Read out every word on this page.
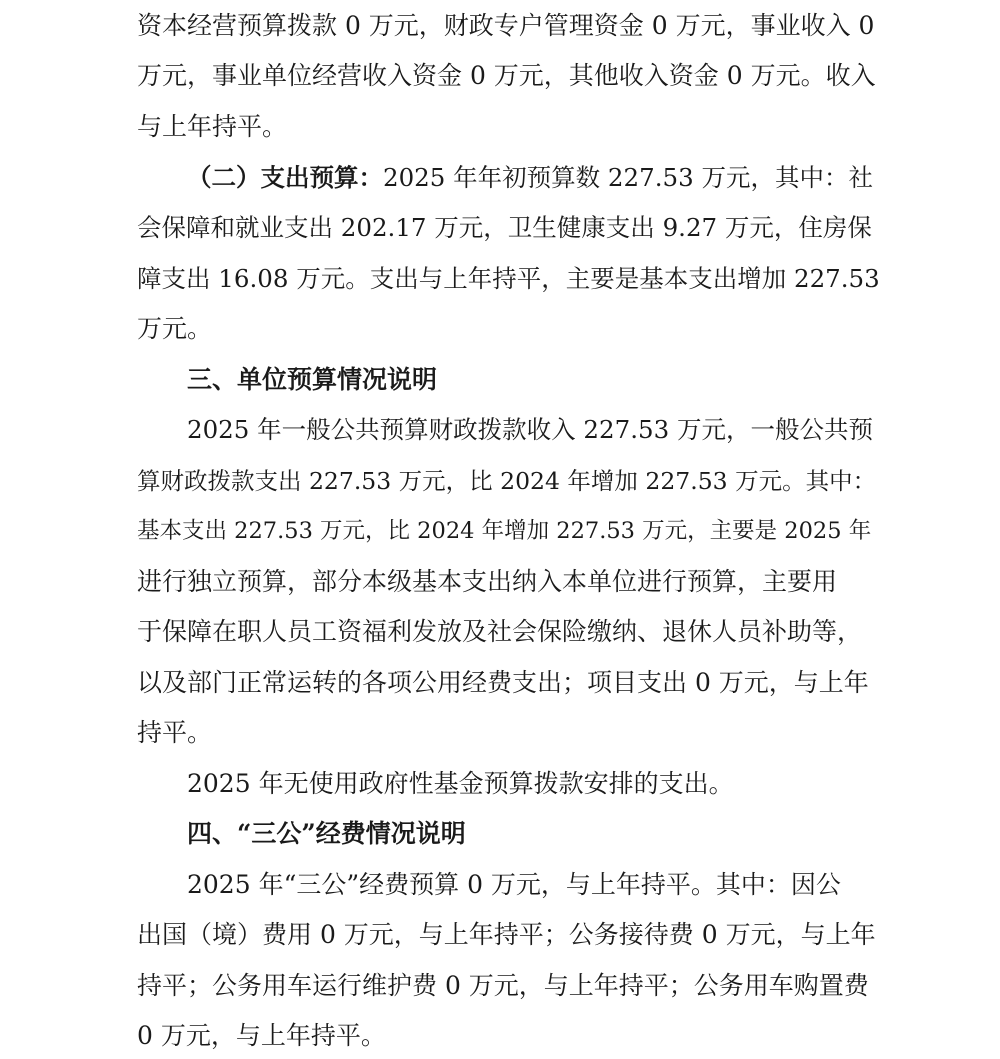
资本经营预算拨款 0 万元，财政专户管理资金 0 万元，事业收入 0
万元，事业单位经营收入资金 0 万元，其他收入资金 0 万元。收入
与上年持平。
（二）支出预算：2025 年年初预算数 227.53 万元，其中：社
会保障和就业支出 202.17 万元，卫生健康支出 9.27 万元，住房保
障支出 16.08 万元。支出与上年持平，主要是基本支出增加 227.53
万元。
三、单位预算情况说明
2025 年一般公共预算财政拨款收入 227.53 万元，一般公共预
算财政拨款支出 227.53 万元，比 2024 年增加 227.53 万元。其中：
基本支出 227.53 万元，比 2024 年增加 227.53 万元，主要是 2025 年
进行独立预算，部分本级基本支出纳入本单位进行预算，主要用
于保障在职人员工资福利发放及社会保险缴纳、退休人员补助等，
以及部门正常运转的各项公用经费支出；项目支出 0 万元，与上年
持平。
2025 年无使用政府性基金预算拨款安排的支出。
四、“三公”经费情况说明
2025 年“三公”经费预算 0 万元，与上年持平。其中：因公
出国（境）费用 0 万元，与上年持平；公务接待费 0 万元，与上年
持平；公务用车运行维护费 0 万元，与上年持平；公务用车购置费
0 万元，与上年持平。
